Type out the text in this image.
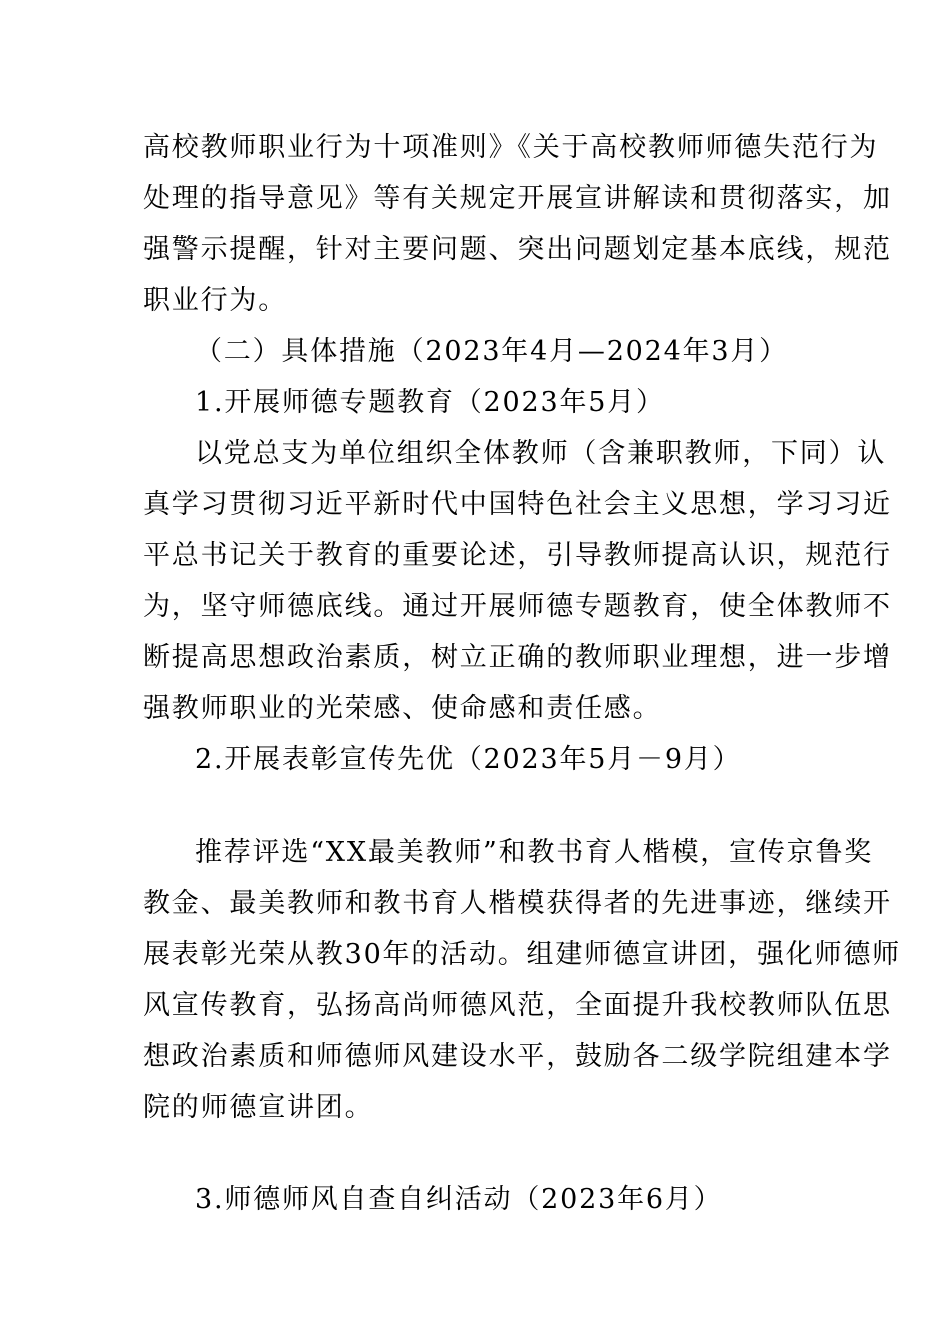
高校教师职业行为十项准则》《关于高校教师师德失范行为
处理的指导意见》等有关规定开展宣讲解读和贯彻落实，加
强警示提醒，针对主要问题、突出问题划定基本底线，规范
职业行为。
（二）具体措施（2023年4月—2024年3月）
1.开展师德专题教育（2023年5月）
以党总支为单位组织全体教师（含兼职教师，下同）认
真学习贯彻习近平新时代中国特色社会主义思想，学习习近
平总书记关于教育的重要论述，引导教师提高认识，规范行
为，坚守师德底线。通过开展师德专题教育，使全体教师不
断提高思想政治素质，树立正确的教师职业理想，进一步增
强教师职业的光荣感、使命感和责任感。
2.开展表彰宣传先优（2023年5月－9月）
推荐评选“XX最美教师”和教书育人楷模，宣传京鲁奖
教金、最美教师和教书育人楷模获得者的先进事迹，继续开
展表彰光荣从教30年的活动。组建师德宣讲团，强化师德师
风宣传教育，弘扬高尚师德风范，全面提升我校教师队伍思
想政治素质和师德师风建设水平，鼓励各二级学院组建本学
院的师德宣讲团。
3.师德师风自查自纠活动（2023年6月）
